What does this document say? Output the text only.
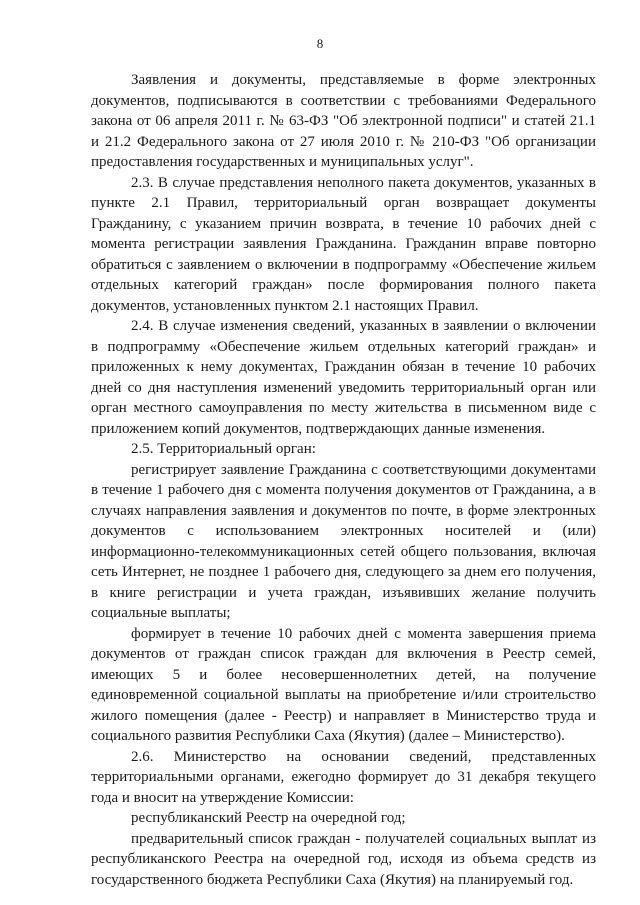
8

Заявления и документы, представляемые в форме электронных документов, подписываются в соответствии с требованиями Федерального закона от 06 апреля 2011 г. № 63-ФЗ "Об электронной подписи" и статей 21.1 и 21.2 Федерального закона от 27 июля 2010 г. № 210-ФЗ "Об организации предоставления государственных и муниципальных услуг".

2.3. В случае представления неполного пакета документов, указанных в пункте 2.1 Правил, территориальный орган возвращает документы Гражданину, с указанием причин возврата, в течение 10 рабочих дней с момента регистрации заявления Гражданина. Гражданин вправе повторно обратиться с заявлением о включении в подпрограмму «Обеспечение жильем отдельных категорий граждан» после формирования полного пакета документов, установленных пунктом 2.1 настоящих Правил.

2.4. В случае изменения сведений, указанных в заявлении о включении в подпрограмму «Обеспечение жильем отдельных категорий граждан» и приложенных к нему документах, Гражданин обязан в течение 10 рабочих дней со дня наступления изменений уведомить территориальный орган или орган местного самоуправления по месту жительства в письменном виде с приложением копий документов, подтверждающих данные изменения.

2.5. Территориальный орган:

регистрирует заявление Гражданина с соответствующими документами в течение 1 рабочего дня с момента получения документов от Гражданина, а в случаях направления заявления и документов по почте, в форме электронных документов с использованием электронных носителей и (или) информационно-телекоммуникационных сетей общего пользования, включая сеть Интернет, не позднее 1 рабочего дня, следующего за днем его получения, в книге регистрации и учета граждан, изъявивших желание получить социальные выплаты;

формирует в течение 10 рабочих дней с момента завершения приема документов от граждан список граждан для включения в Реестр семей, имеющих 5 и более несовершеннолетних детей, на получение единовременной социальной выплаты на приобретение и/или строительство жилого помещения (далее - Реестр) и направляет в Министерство труда и социального развития Республики Саха (Якутия) (далее – Министерство).

2.6. Министерство на основании сведений, представленных территориальными органами, ежегодно формирует до 31 декабря текущего года и вносит на утверждение Комиссии:

республиканский Реестр на очередной год;

предварительный список граждан - получателей социальных выплат из республиканского Реестра на очередной год, исходя из объема средств из государственного бюджета Республики Саха (Якутия) на планируемый год.
